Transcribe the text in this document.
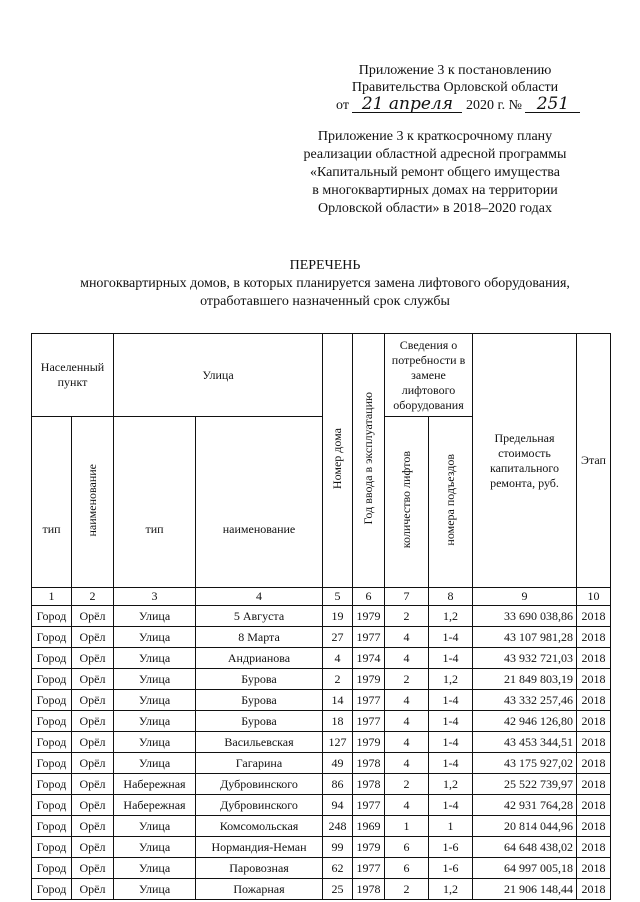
Приложение 3 к постановлению
Правительства Орловской области
от 21 апреля 2020 г. № 251
Приложение 3 к краткосрочному плану
реализации областной адресной программы
«Капитальный ремонт общего имущества
в многоквартирных домах на территории
Орловской области» в 2018–2020 годах
ПЕРЕЧЕНЬ
многоквартирных домов, в которых планируется замена лифтового оборудования,
отработавшего назначенный срок службы
Населенный пункт		Улица		Номер дома	Год ввода в эксплуатацию	Сведения о потребности в замене лифтового оборудования		Предельная стоимость капитального ремонта, руб.	Этап
тип	наименование	тип	наименование			количество лифтов	номера подъездов		
1	2	3	4	5	6	7	8	9	10
Город	Орёл	Улица	5 Августа	19	1979	2	1,2	33 690 038,86	2018
Город	Орёл	Улица	8 Марта	27	1977	4	1-4	43 107 981,28	2018
Город	Орёл	Улица	Андрианова	4	1974	4	1-4	43 932 721,03	2018
Город	Орёл	Улица	Бурова	2	1979	2	1,2	21 849 803,19	2018
Город	Орёл	Улица	Бурова	14	1977	4	1-4	43 332 257,46	2018
Город	Орёл	Улица	Бурова	18	1977	4	1-4	42 946 126,80	2018
Город	Орёл	Улица	Васильевская	127	1979	4	1-4	43 453 344,51	2018
Город	Орёл	Улица	Гагарина	49	1978	4	1-4	43 175 927,02	2018
Город	Орёл	Набережная	Дубровинского	86	1978	2	1,2	25 522 739,97	2018
Город	Орёл	Набережная	Дубровинского	94	1977	4	1-4	42 931 764,28	2018
Город	Орёл	Улица	Комсомольская	248	1969	1	1	20 814 044,96	2018
Город	Орёл	Улица	Нормандия-Неман	99	1979	6	1-6	64 648 438,02	2018
Город	Орёл	Улица	Паровозная	62	1977	6	1-6	64 997 005,18	2018
Город	Орёл	Улица	Пожарная	25	1978	2	1,2	21 906 148,44	2018
